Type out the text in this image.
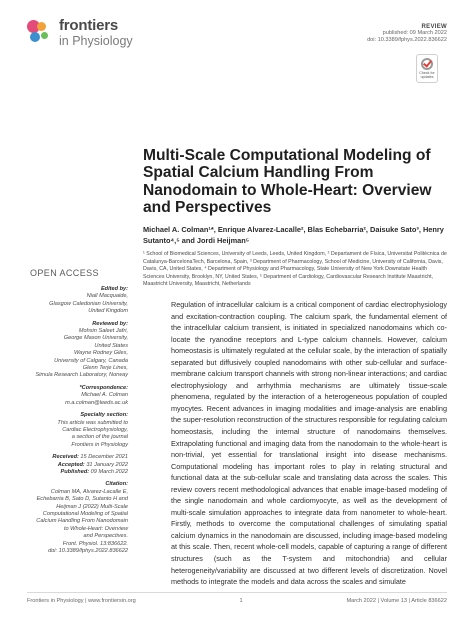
frontiers
in Physiology
REVIEW
published: 09 March 2022
doi: 10.3389/fphys.2022.836622
Check for updates
Multi-Scale Computational Modeling of Spatial Calcium Handling From Nanodomain to Whole-Heart: Overview and Perspectives
Michael A. Colman¹*, Enrique Alvarez-Lacalle², Blas Echebarria², Daisuke Sato³, Henry Sutanto⁴,⁵ and Jordi Heijman⁵
¹ School of Biomedical Sciences, University of Leeds, Leeds, United Kingdom, ² Departament de Física, Universitat Politècnica de Catalunya-BarcelonaTech, Barcelona, Spain, ³ Department of Pharmacology, School of Medicine, University of California, Davis, Davis, CA, United States, ⁴ Department of Physiology and Pharmacology, State University of New York Downstate Health Sciences University, Brooklyn, NY, United States, ⁵ Department of Cardiology, Cardiovascular Research Institute Maastricht, Maastricht University, Maastricht, Netherlands
OPEN ACCESS
Edited by:
Niall Macquaide,
Glasgow Caledonian University,
United Kingdom
Reviewed by:
Mohsin Saleet Jafri,
George Mason University,
United States
Wayne Rodney Giles,
University of Calgary, Canada
Glenn Terje Lines,
Simula Research Laboratory, Norway
*Correspondence:
Michael A. Colman
m.a.colman@leeds.ac.uk
Specialty section:
This article was submitted to
Cardiac Electrophysiology,
a section of the journal
Frontiers in Physiology
Received: 15 December 2021
Accepted: 31 January 2022
Published: 09 March 2022
Citation:
Colman MA, Alvarez-Lacalle E,
Echebarria B, Sato D, Sutanto H and
Heijman J (2022) Multi-Scale
Computational Modeling of Spatial
Calcium Handling From Nanodomain
to Whole-Heart: Overview
and Perspectives.
Front. Physiol. 13:836622.
doi: 10.3389/fphys.2022.836622
Regulation of intracellular calcium is a critical component of cardiac electrophysiology and excitation-contraction coupling. The calcium spark, the fundamental element of the intracellular calcium transient, is initiated in specialized nanodomains which co-locate the ryanodine receptors and L-type calcium channels. However, calcium homeostasis is ultimately regulated at the cellular scale, by the interaction of spatially separated but diffusively coupled nanodomains with other sub-cellular and surface-membrane calcium transport channels with strong non-linear interactions; and cardiac electrophysiology and arrhythmia mechanisms are ultimately tissue-scale phenomena, regulated by the interaction of a heterogeneous population of coupled myocytes. Recent advances in imaging modalities and image-analysis are enabling the super-resolution reconstruction of the structures responsible for regulating calcium homeostasis, including the internal structure of nanodomains themselves. Extrapolating functional and imaging data from the nanodomain to the whole-heart is non-trivial, yet essential for translational insight into disease mechanisms. Computational modeling has important roles to play in relating structural and functional data at the sub-cellular scale and translating data across the scales. This review covers recent methodological advances that enable image-based modeling of the single nanodomain and whole cardiomyocyte, as well as the development of multi-scale simulation approaches to integrate data from nanometer to whole-heart. Firstly, methods to overcome the computational challenges of simulating spatial calcium dynamics in the nanodomain are discussed, including image-based modeling at this scale. Then, recent whole-cell models, capable of capturing a range of different structures (such as the T-system and mitochondria) and cellular heterogeneity/variability are discussed at two different levels of discretization. Novel methods to integrate the models and data across the scales and simulate
Frontiers in Physiology | www.frontiersin.org	1	March 2022 | Volume 13 | Article 836622
